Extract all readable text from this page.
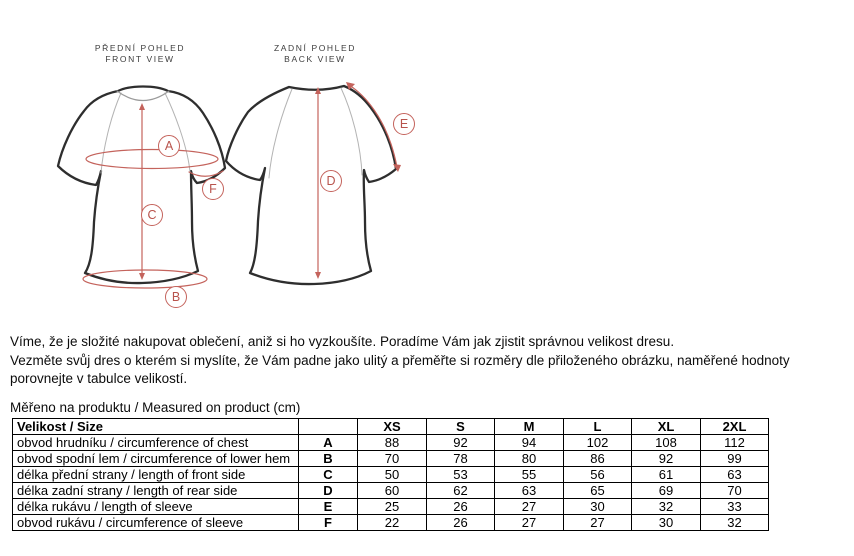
PŘEDNÍ POHLED
FRONT VIEW
ZADNÍ POHLED
BACK VIEW
A
F
C
B
D
E
Víme, že je složité nakupovat oblečení, aniž si ho vyzkoušíte. Poradíme Vám jak zjistit správnou velikost dresu.
Vezměte svůj dres o kterém si myslíte, že Vám padne jako ulitý a přeměřte si rozměry dle přiloženého obrázku, naměřené hodnoty
porovnejte v tabulce velikostí.
Měřeno na produktu / Measured on product (cm)
Velikost / Size		XS	S	M	L	XL	2XL
obvod hrudníku / circumference of chest	A	88	92	94	102	108	112
obvod spodní lem / circumference of lower hem	B	70	78	80	86	92	99
délka přední strany / length of front side	C	50	53	55	56	61	63
délka zadní strany / length of rear side	D	60	62	63	65	69	70
délka rukávu / length of sleeve	E	25	26	27	30	32	33
obvod rukávu / circumference of sleeve	F	22	26	27	27	30	32
